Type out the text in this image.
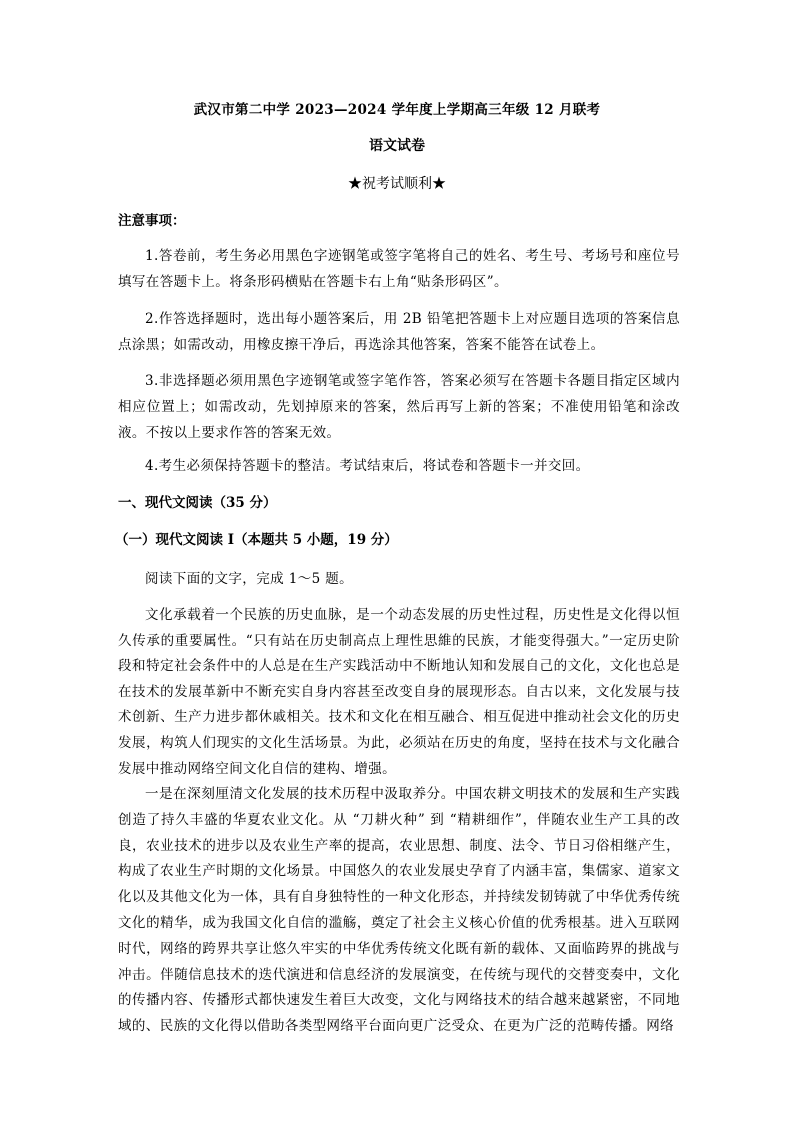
武汉市第二中学 2023—2024 学年度上学期高三年级 12 月联考
语文试卷
★祝考试顺利★
注意事项：

1.答卷前，考生务必用黑色字迹钢笔或签字笔将自己的姓名、考生号、考场号和座位号填写在答题卡上。将条形码横贴在答题卡右上角“贴条形码区”。

2.作答选择题时，选出每小题答案后，用 2B 铅笔把答题卡上对应题目选项的答案信息点涂黑；如需改动，用橡皮擦干净后，再选涂其他答案，答案不能答在试卷上。

3.非选择题必须用黑色字迹钢笔或签字笔作答，答案必须写在答题卡各题目指定区域内相应位置上；如需改动，先划掉原来的答案，然后再写上新的答案；不准使用铅笔和涂改液。不按以上要求作答的答案无效。

4.考生必须保持答题卡的整洁。考试结束后，将试卷和答题卡一并交回。

一、现代文阅读（35 分）
（一）现代文阅读 I（本题共 5 小题，19 分）

阅读下面的文字，完成 1～5 题。

文化承载着一个民族的历史血脉，是一个动态发展的历史性过程，历史性是文化得以恒久传承的重要属性。“只有站在历史制高点上理性思維的民族，才能变得强大。”一定历史阶段和特定社会条件中的人总是在生产实践活动中不断地认知和发展自己的文化，文化也总是在技术的发展革新中不断充实自身内容甚至改变自身的展现形态。自古以来，文化发展与技术创新、生产力进步都休戚相关。技术和文化在相互融合、相互促进中推动社会文化的历史发展，构筑人们现实的文化生活场景。为此，必须站在历史的角度，坚持在技术与文化融合发展中推动网络空间文化自信的建构、增强。

一是在深刻厘清文化发展的技术历程中汲取养分。中国农耕文明技术的发展和生产实践创造了持久丰盛的华夏农业文化。从 “刀耕火种” 到 “精耕细作”，伴随农业生产工具的改良，农业技术的进步以及农业生产率的提高，农业思想、制度、法令、节日习俗相继产生，构成了农业生产时期的文化场景。中国悠久的农业发展史孕育了内涵丰富，集儒家、道家文化以及其他文化为一体，具有自身独特性的一种文化形态，并持续发韧铸就了中华优秀传统文化的精华，成为我国文化自信的滥觞，奠定了社会主义核心价值的优秀根基。进入互联网时代，网络的跨界共享让悠久牢实的中华优秀传统文化既有新的载体、又面临跨界的挑战与冲击。伴随信息技术的迭代演进和信息经济的发展演变，在传统与现代的交替变奏中，文化的传播内容、传播形式都快速发生着巨大改变，文化与网络技术的结合越来越紧密，不同地域的、民族的文化得以借助各类型网络平台面向更广泛受众、在更为广泛的范畴传播。网络
